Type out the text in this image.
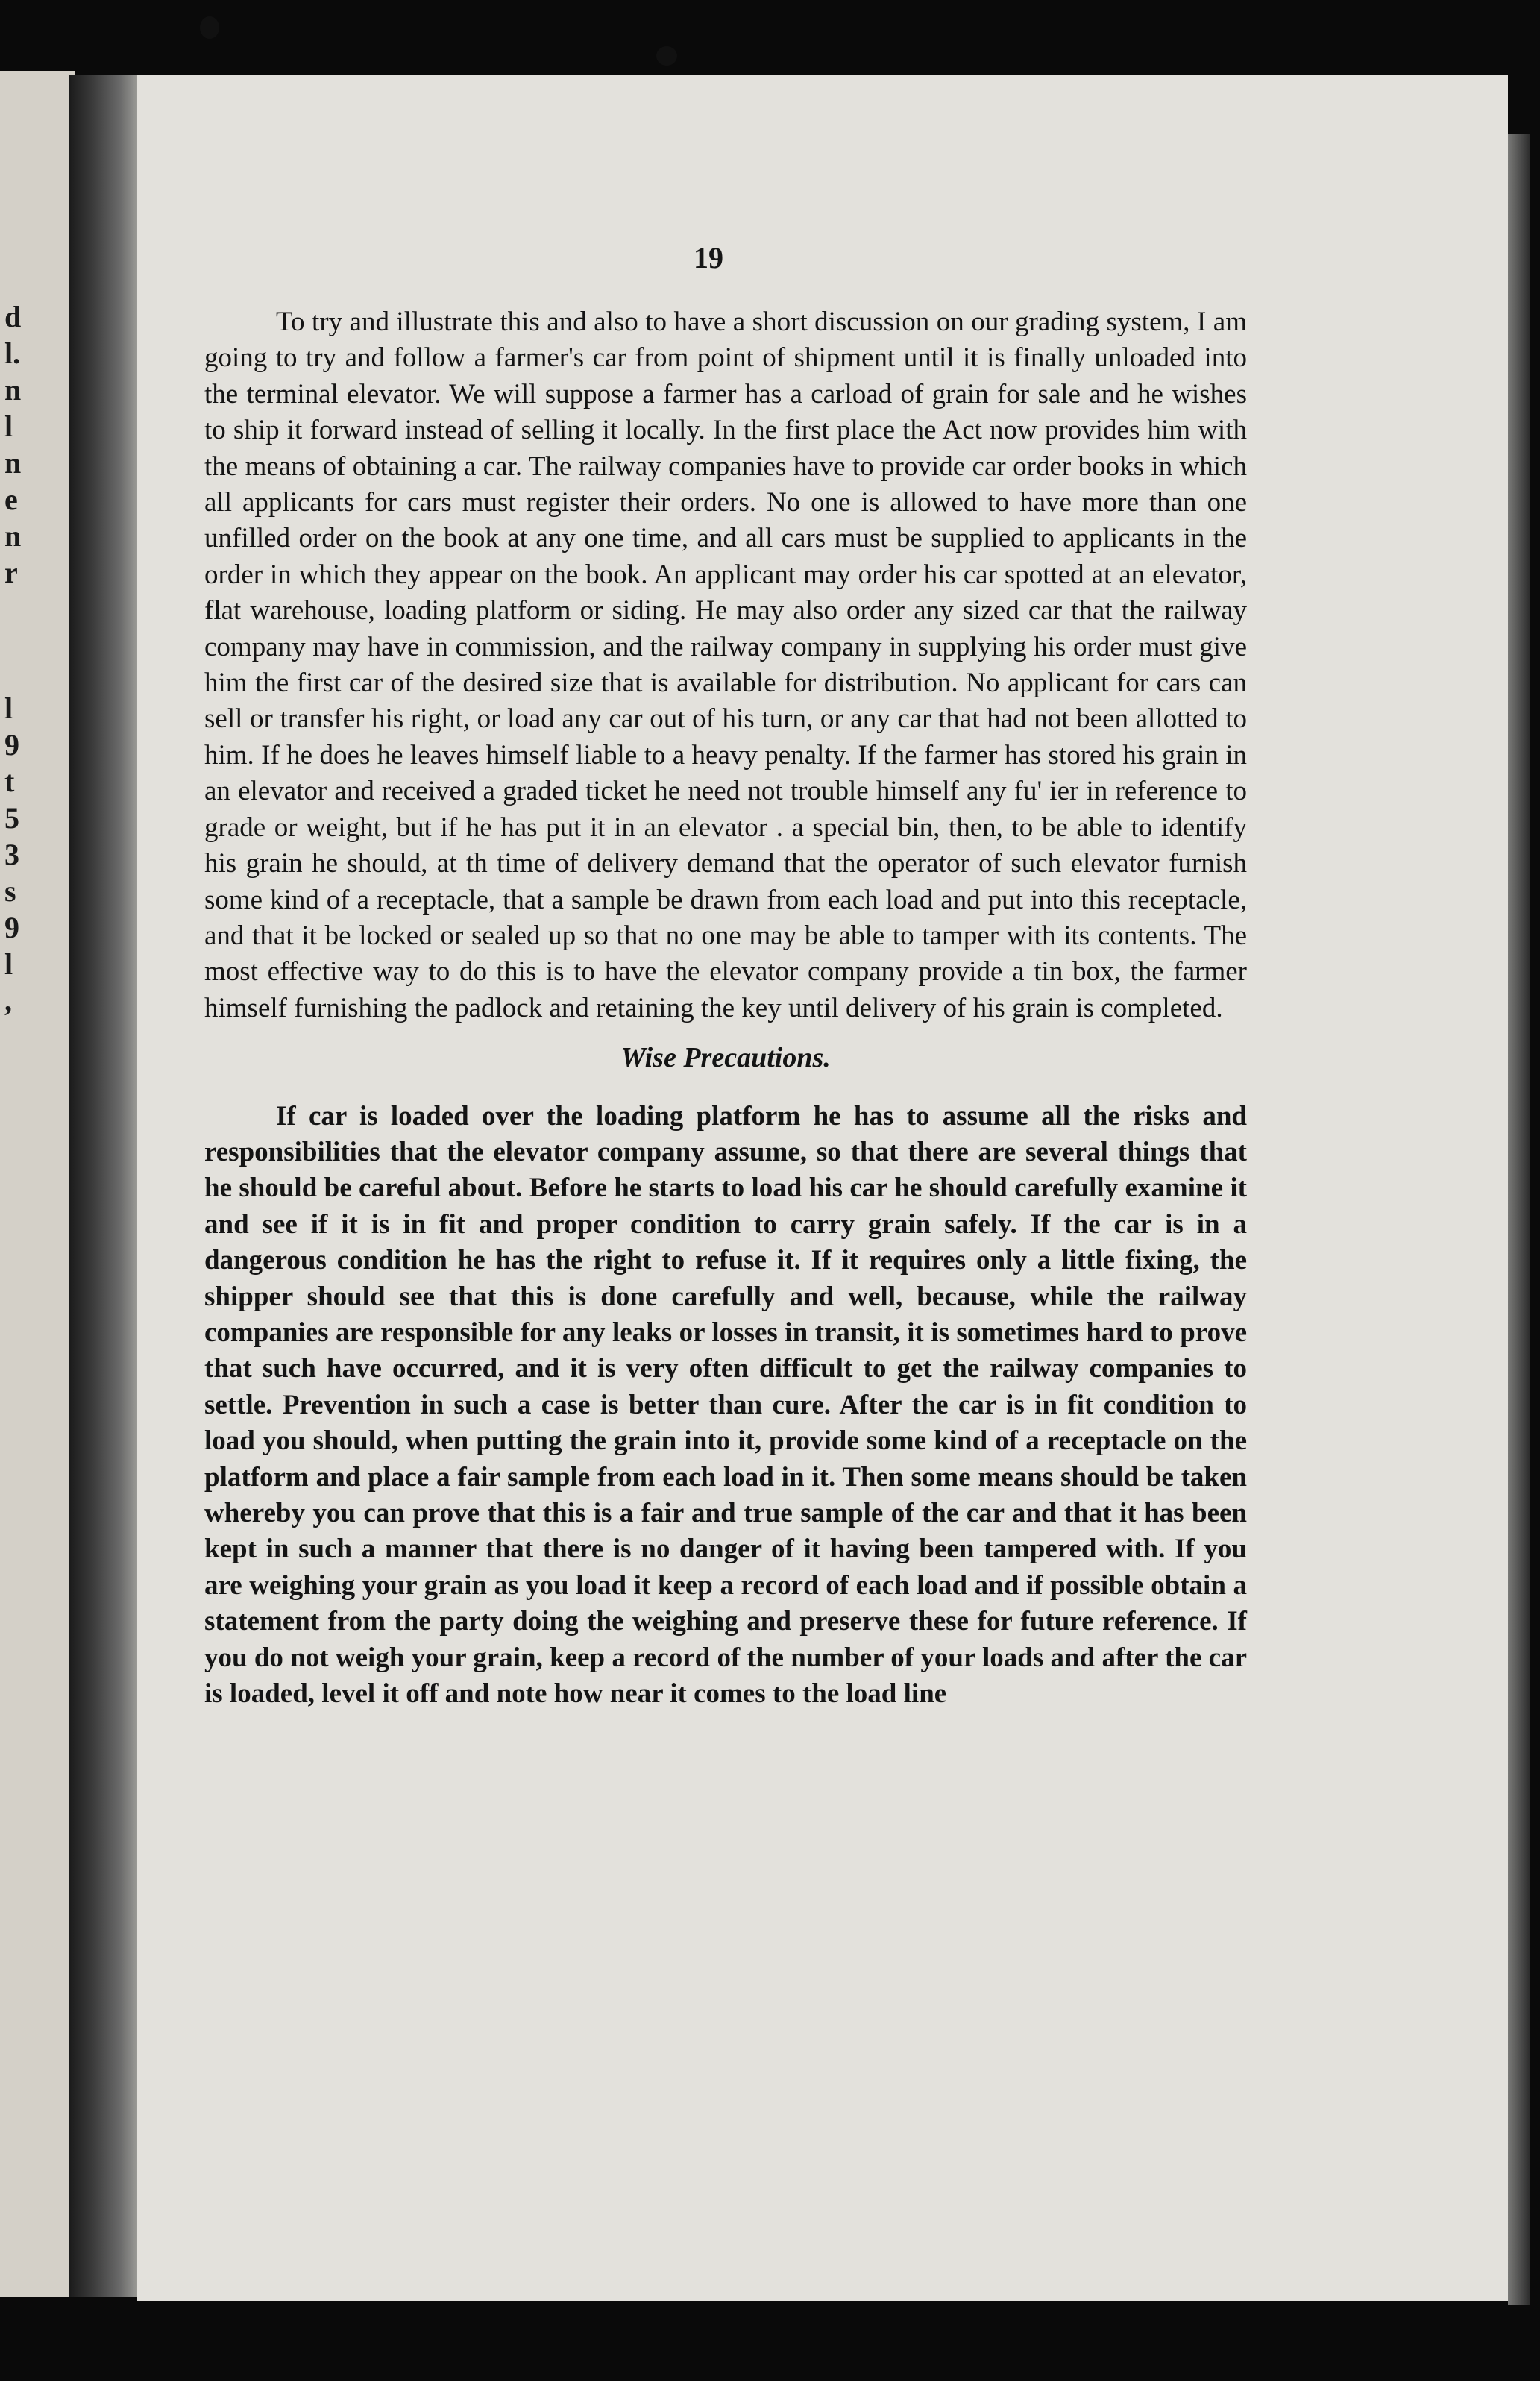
d
l.
n
l
n
e
n
r
l
9
t
5
3
s
9
l
,
19

To try and illustrate this and also to have a short discussion on our grading system, I am going to try and follow a farmer's car from point of shipment until it is finally unloaded into the terminal elevator. We will suppose a farmer has a carload of grain for sale and he wishes to ship it forward instead of selling it locally. In the first place the Act now provides him with the means of obtaining a car. The railway companies have to provide car order books in which all applicants for cars must register their orders. No one is allowed to have more than one unfilled order on the book at any one time, and all cars must be supplied to applicants in the order in which they appear on the book. An applicant may order his car spotted at an elevator, flat warehouse, loading platform or siding. He may also order any sized car that the railway company may have in commission, and the railway company in supplying his order must give him the first car of the desired size that is available for distribution. No applicant for cars can sell or transfer his right, or load any car out of his turn, or any car that had not been allotted to him. If he does he leaves himself liable to a heavy penalty. If the farmer has stored his grain in an elevator and received a graded ticket he need not trouble himself any fu' ier in reference to grade or weight, but if he has put it in an elevator . a special bin, then, to be able to identify his grain he should, at th time of delivery demand that the operator of such elevator furnish some kind of a receptacle, that a sample be drawn from each load and put into this receptacle, and that it be locked or sealed up so that no one may be able to tamper with its contents. The most effective way to do this is to have the elevator company provide a tin box, the farmer himself furnishing the padlock and retaining the key until delivery of his grain is completed.

Wise Precautions.

If car is loaded over the loading platform he has to assume all the risks and responsibilities that the elevator company assume, so that there are several things that he should be careful about. Before he starts to load his car he should carefully examine it and see if it is in fit and proper condition to carry grain safely. If the car is in a dangerous condition he has the right to refuse it. If it requires only a little fixing, the shipper should see that this is done carefully and well, because, while the railway companies are responsible for any leaks or losses in transit, it is sometimes hard to prove that such have occurred, and it is very often difficult to get the railway companies to settle. Prevention in such a case is better than cure. After the car is in fit condition to load you should, when putting the grain into it, provide some kind of a receptacle on the platform and place a fair sample from each load in it. Then some means should be taken whereby you can prove that this is a fair and true sample of the car and that it has been kept in such a manner that there is no danger of it having been tampered with. If you are weighing your grain as you load it keep a record of each load and if possible obtain a statement from the party doing the weighing and preserve these for future reference. If you do not weigh your grain, keep a record of the number of your loads and after the car is loaded, level it off and note how near it comes to the load line
